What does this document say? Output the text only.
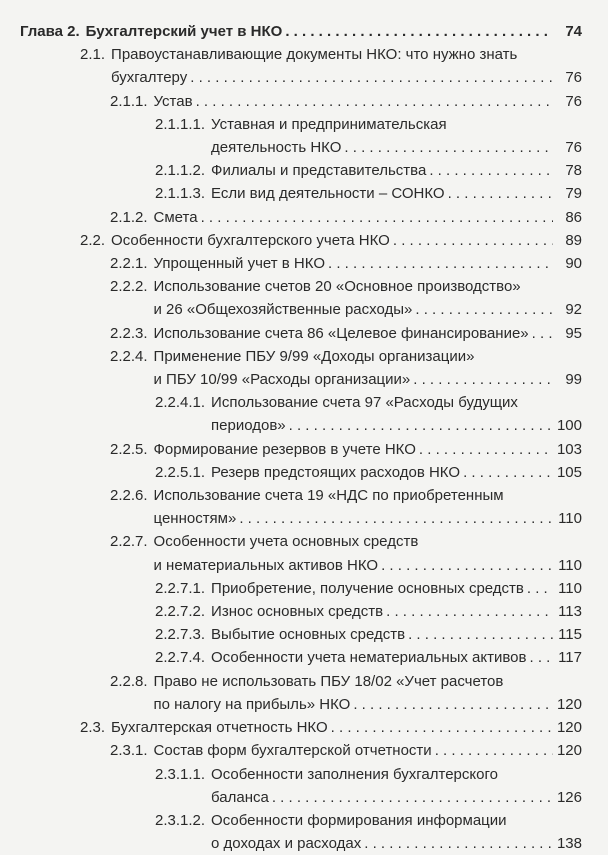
Глава 2. Бухгалтерский учет в НКО . . .	74
2.1. Правоустанавливающие документы НКО: что нужно знать
бухгалтеру . . .	76
2.1.1. Устав . . .	76
2.1.1.1. Уставная и предпринимательская
деятельность НКО . . .	76
2.1.1.2. Филиалы и представительства . . .	78
2.1.1.3. Если вид деятельности – СОНКО . . .	79
2.1.2. Смета . . .	86
2.2. Особенности бухгалтерского учета НКО . . .	89
2.2.1. Упрощенный учет в НКО . . .	90
2.2.2. Использование счетов 20 «Основное производство»
и 26 «Общехозяйственные расходы» . . .	92
2.2.3. Использование счета 86 «Целевое финансирование» . . .	95
2.2.4. Применение ПБУ 9/99 «Доходы организации»
и ПБУ 10/99 «Расходы организации» . . .	99
2.2.4.1. Использование счета 97 «Расходы будущих
периодов» . . .	100
2.2.5. Формирование резервов в учете НКО . . .	103
2.2.5.1. Резерв предстоящих расходов НКО . . .	105
2.2.6. Использование счета 19 «НДС по приобретенным
ценностям» . . .	110
2.2.7. Особенности учета основных средств
и нематериальных активов НКО . . .	110
2.2.7.1. Приобретение, получение основных средств . . . 110
2.2.7.2. Износ основных средств . . .	113
2.2.7.3. Выбытие основных средств . . .	115
2.2.7.4. Особенности учета нематериальных активов . . . 117
2.2.8. Право не использовать ПБУ 18/02 «Учет расчетов
по налогу на прибыль» НКО . . .	120
2.3. Бухгалтерская отчетность НКО . . .	120
2.3.1. Состав форм бухгалтерской отчетности . . .	120
2.3.1.1. Особенности заполнения бухгалтерского
баланса . . .	126
2.3.1.2. Особенности формирования информации
о доходах и расходах . . .	138
